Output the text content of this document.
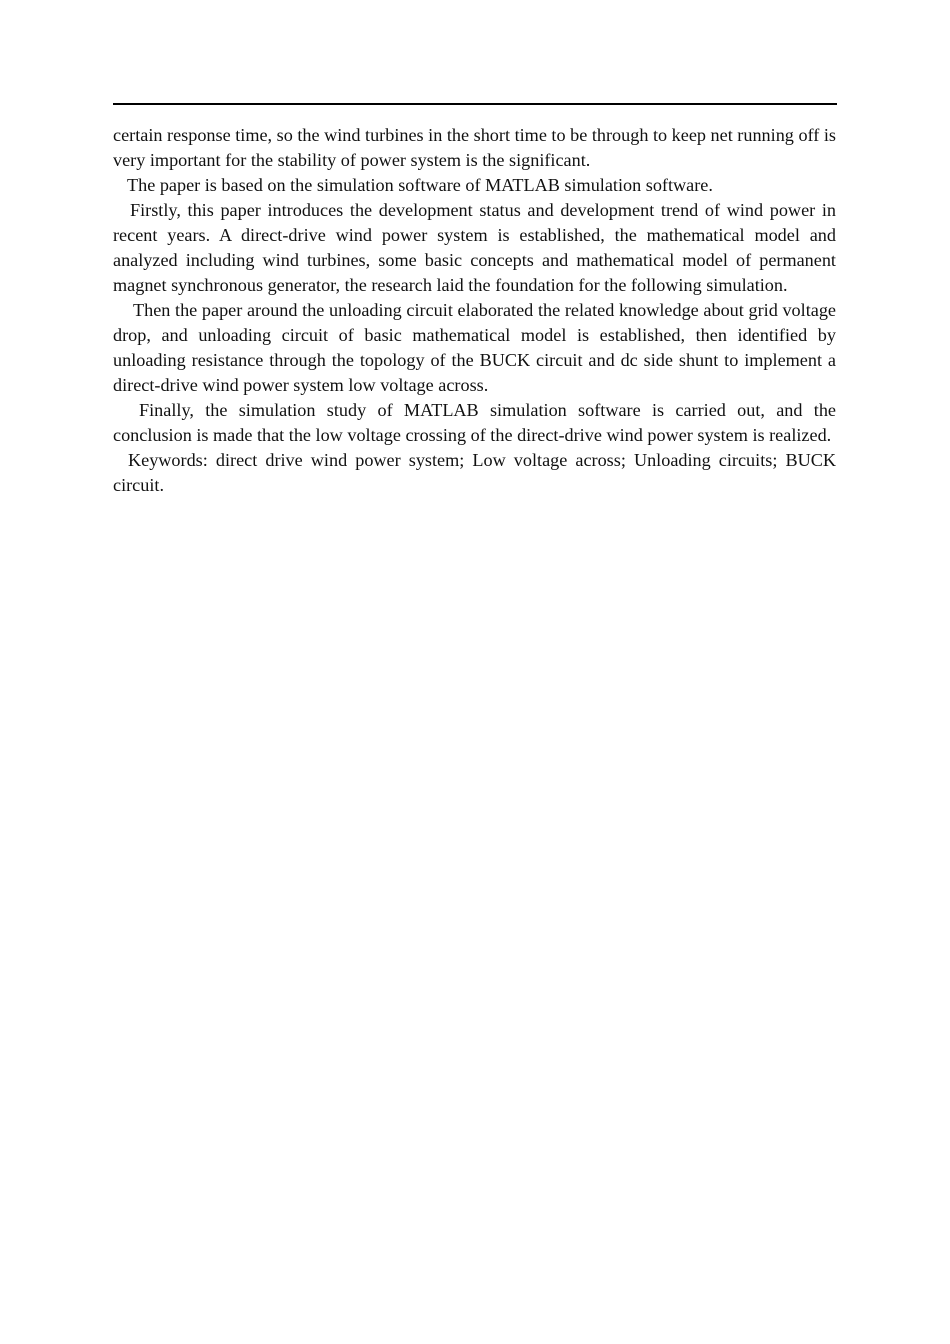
certain response time, so the wind turbines in the short time to be through to keep net running off is very important for the stability of power system is the significant.

The paper is based on the simulation software of MATLAB simulation software.

Firstly, this paper introduces the development status and development trend of wind power in recent years. A direct-drive wind power system is established, the mathematical model and analyzed including wind turbines, some basic concepts and mathematical model of permanent magnet synchronous generator, the research laid the foundation for the following simulation.

Then the paper around the unloading circuit elaborated the related knowledge about grid voltage drop, and unloading circuit of basic mathematical model is established, then identified by unloading resistance through the topology of the BUCK circuit and dc side shunt to implement a direct-drive wind power system low voltage across.

Finally, the simulation study of MATLAB simulation software is carried out, and the conclusion is made that the low voltage crossing of the direct-drive wind power system is realized.

Keywords: direct drive wind power system; Low voltage across; Unloading circuits; BUCK circuit.
